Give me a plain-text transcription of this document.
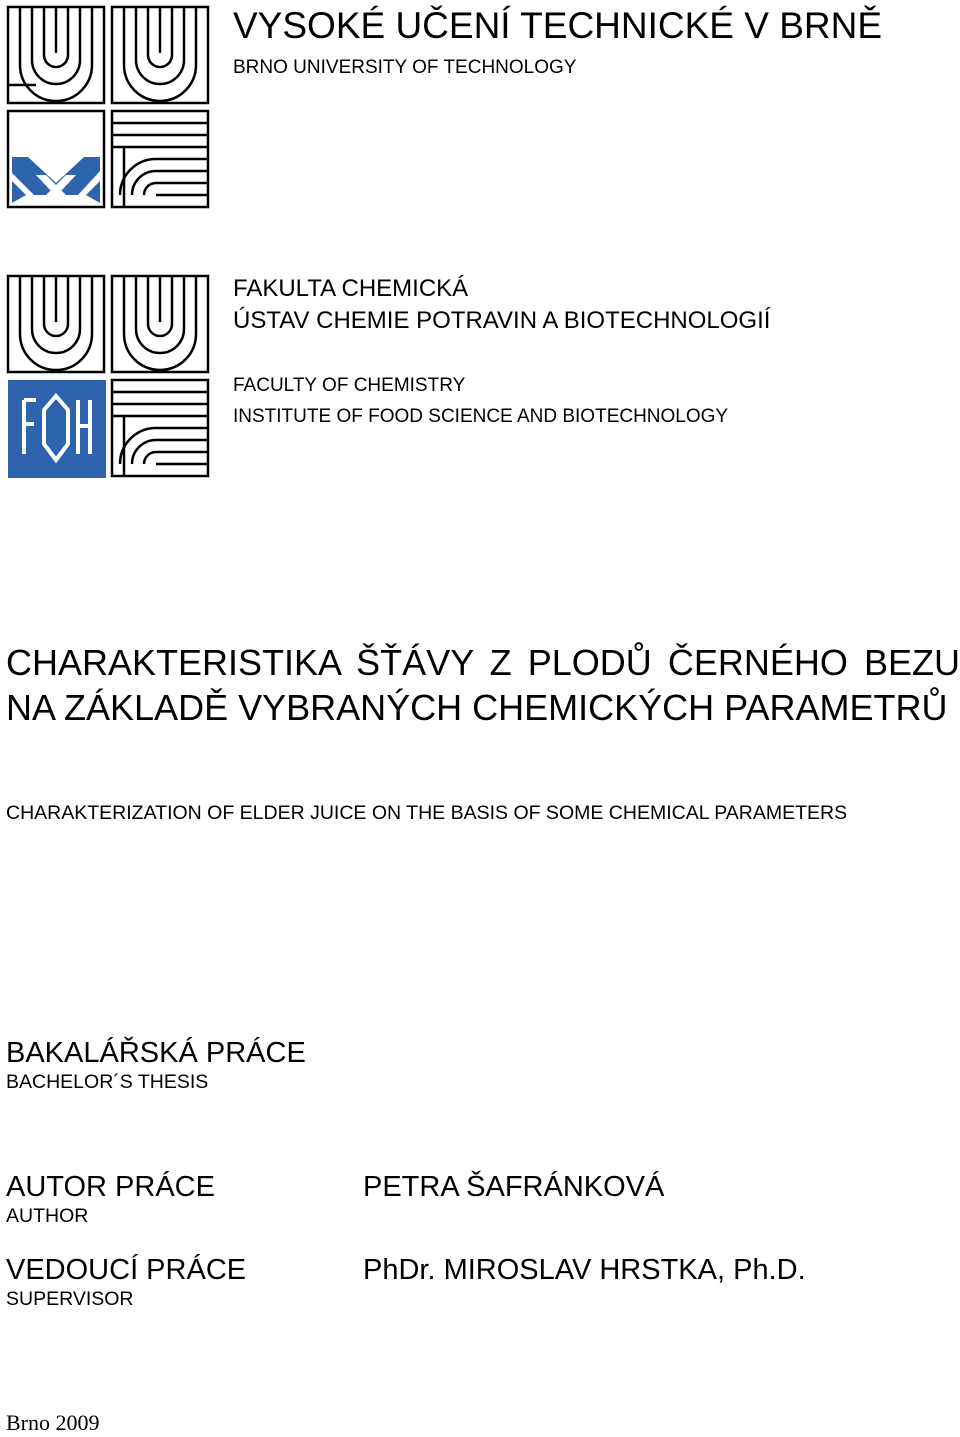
VYSOKÉ UČENÍ TECHNICKÉ V BRNĚ
BRNO UNIVERSITY OF TECHNOLOGY
FAKULTA CHEMICKÁ
ÚSTAV CHEMIE POTRAVIN A BIOTECHNOLOGIÍ
FACULTY OF CHEMISTRY
INSTITUTE OF FOOD SCIENCE AND BIOTECHNOLOGY
CHARAKTERISTIKA ŠŤÁVY Z PLODŮ ČERNÉHO BEZU NA ZÁKLADĚ VYBRANÝCH CHEMICKÝCH PARAMETRŮ
CHARAKTERIZATION OF ELDER JUICE ON THE BASIS OF SOME CHEMICAL PARAMETERS
BAKALÁŘSKÁ PRÁCE
BACHELOR´S THESIS
AUTOR PRÁCE
AUTHOR
PETRA ŠAFRÁNKOVÁ
VEDOUCÍ PRÁCE
SUPERVISOR
PhDr. MIROSLAV HRSTKA, Ph.D.
Brno 2009
